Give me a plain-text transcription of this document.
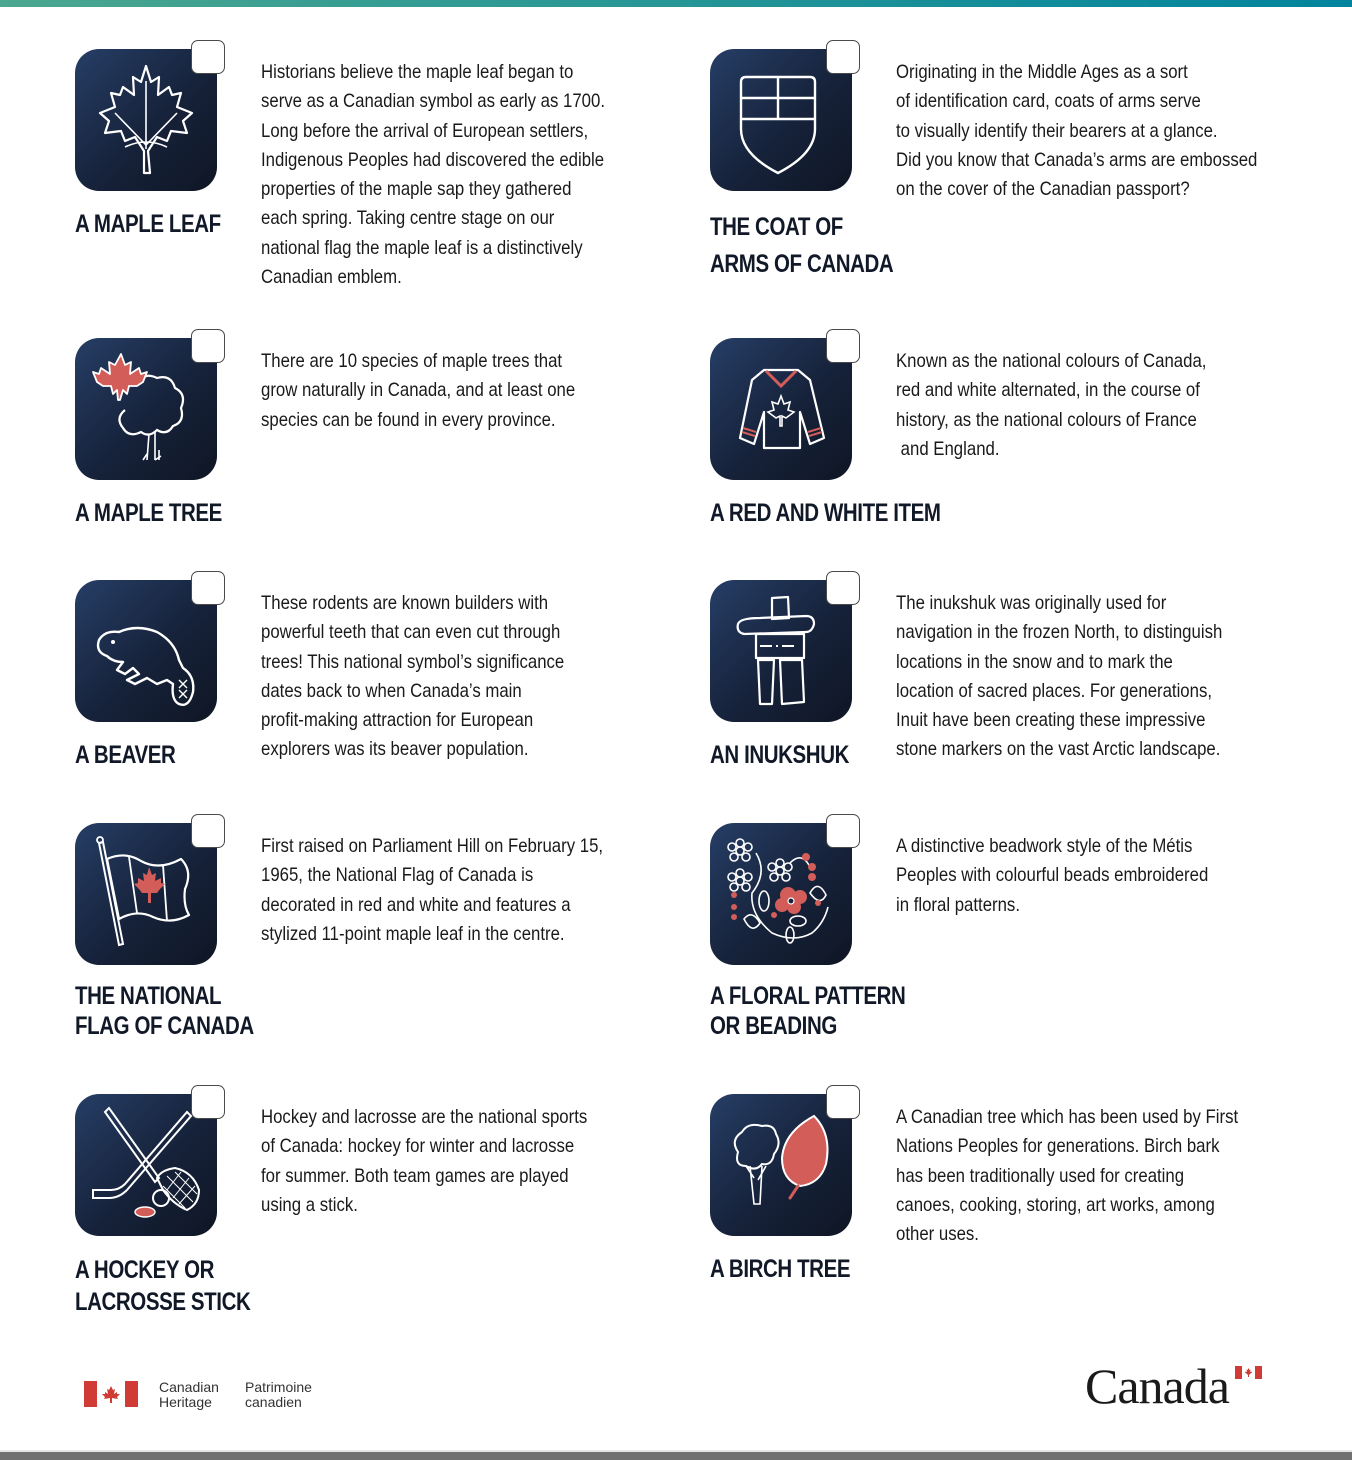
A MAPLE LEAF
Historians believe the maple leaf began to
serve as a Canadian symbol as early as 1700.
Long before the arrival of European settlers,
Indigenous Peoples had discovered the edible
properties of the maple sap they gathered
each spring. Taking centre stage on our
national flag the maple leaf is a distinctively
Canadian emblem.
THE COAT OF
ARMS OF CANADA
Originating in the Middle Ages as a sort
of identification card, coats of arms serve
to visually identify their bearers at a glance.
Did you know that Canada’s arms are embossed
on the cover of the Canadian passport?
A MAPLE TREE
There are 10 species of maple trees that
grow naturally in Canada, and at least one
species can be found in every province.
A RED AND WHITE ITEM
Known as the national colours of Canada,
red and white alternated, in the course of
history, as the national colours of France
and England.
A BEAVER
These rodents are known builders with
powerful teeth that can even cut through
trees! This national symbol’s significance
dates back to when Canada’s main
profit-making attraction for European
explorers was its beaver population.	AN INUKSHUK
The inukshuk was originally used for
navigation in the frozen North, to distinguish
locations in the snow and to mark the
location of sacred places. For generations,
Inuit have been creating these impressive
stone markers on the vast Arctic landscape.
THE NATIONAL
FLAG OF CANADA
First raised on Parliament Hill on February 15,
1965, the National Flag of Canada is
decorated in red and white and features a
stylized 11-point maple leaf in the centre.
A FLORAL PATTERN
OR BEADING
A distinctive beadwork style of the Métis
Peoples with colourful beads embroidered
in floral patterns.
A HOCKEY OR
LACROSSE STICK
Hockey and lacrosse are the national sports
of Canada: hockey for winter and lacrosse
for summer. Both team games are played
using a stick.
A BIRCH TREE
A Canadian tree which has been used by First
Nations Peoples for generations. Birch bark
has been traditionally used for creating
canoes, cooking, storing, art works, among
other uses.
Canadian
Heritage
Patrimoine
canadien	Canada
